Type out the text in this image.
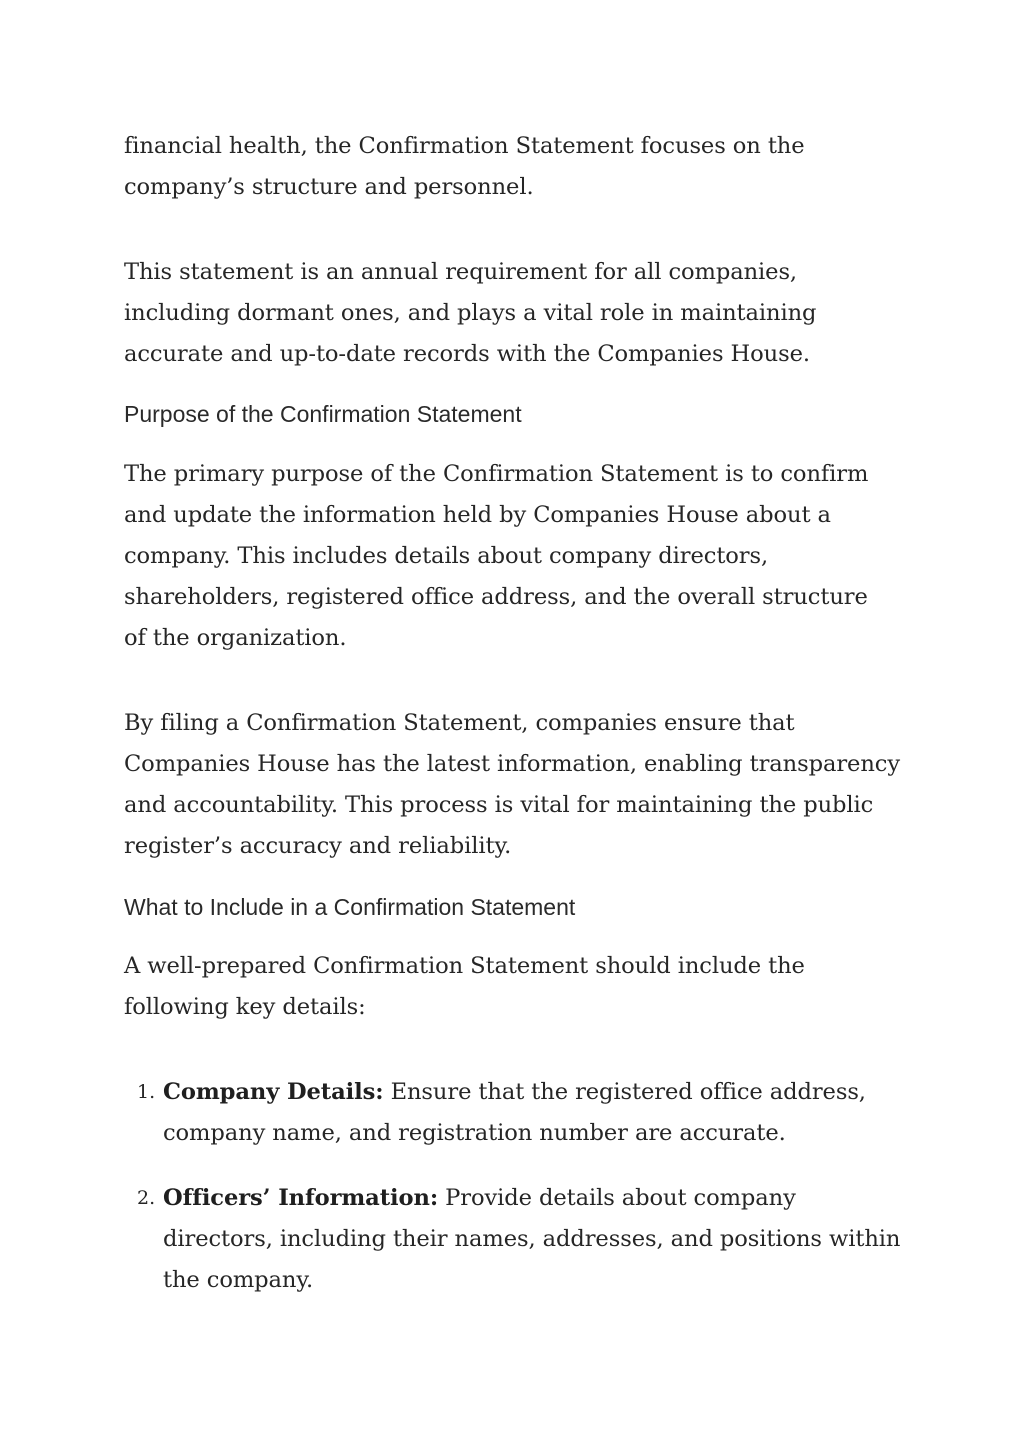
financial health, the Confirmation Statement focuses on the company’s structure and personnel.

This statement is an annual requirement for all companies, including dormant ones, and plays a vital role in maintaining accurate and up-to-date records with the Companies House.

Purpose of the Confirmation Statement

The primary purpose of the Confirmation Statement is to confirm and update the information held by Companies House about a company. This includes details about company directors, shareholders, registered office address, and the overall structure of the organization.

By filing a Confirmation Statement, companies ensure that Companies House has the latest information, enabling transparency and accountability. This process is vital for maintaining the public register’s accuracy and reliability.

What to Include in a Confirmation Statement

A well-prepared Confirmation Statement should include the following key details:

1. Company Details: Ensure that the registered office address, company name, and registration number are accurate.
2. Officers’ Information: Provide details about company directors, including their names, addresses, and positions within the company.
